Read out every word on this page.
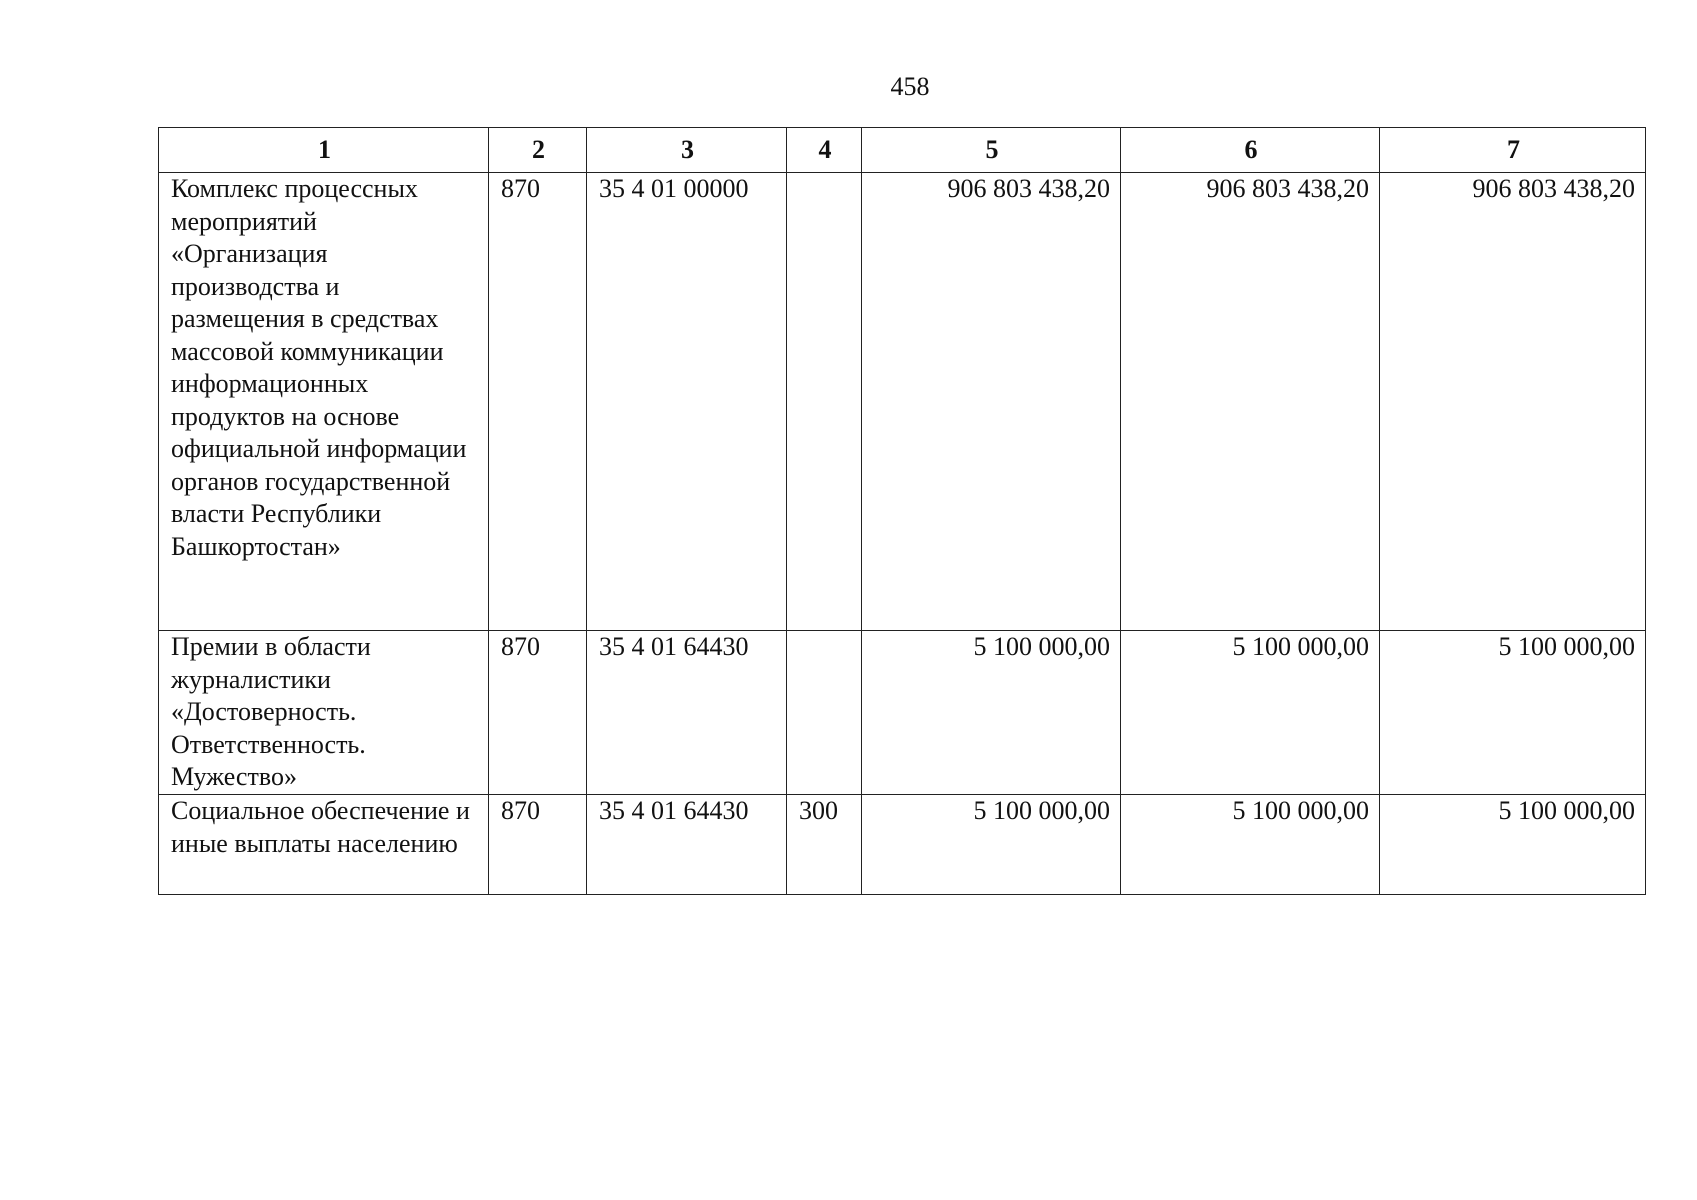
458
1	2	3	4	5	6	7
Комплекс процессных мероприятий «Организация производства и размещения в средствах массовой коммуникации информационных продуктов на основе официальной информации органов государственной власти Республики Башкортостан»	870	35 4 01 00000		906 803 438,20	906 803 438,20	906 803 438,20
Премии в области журналистики «Достоверность. Ответственность. Мужество»	870	35 4 01 64430		5 100 000,00	5 100 000,00	5 100 000,00
Социальное обеспечение и иные выплаты населению	870	35 4 01 64430	300	5 100 000,00	5 100 000,00	5 100 000,00
